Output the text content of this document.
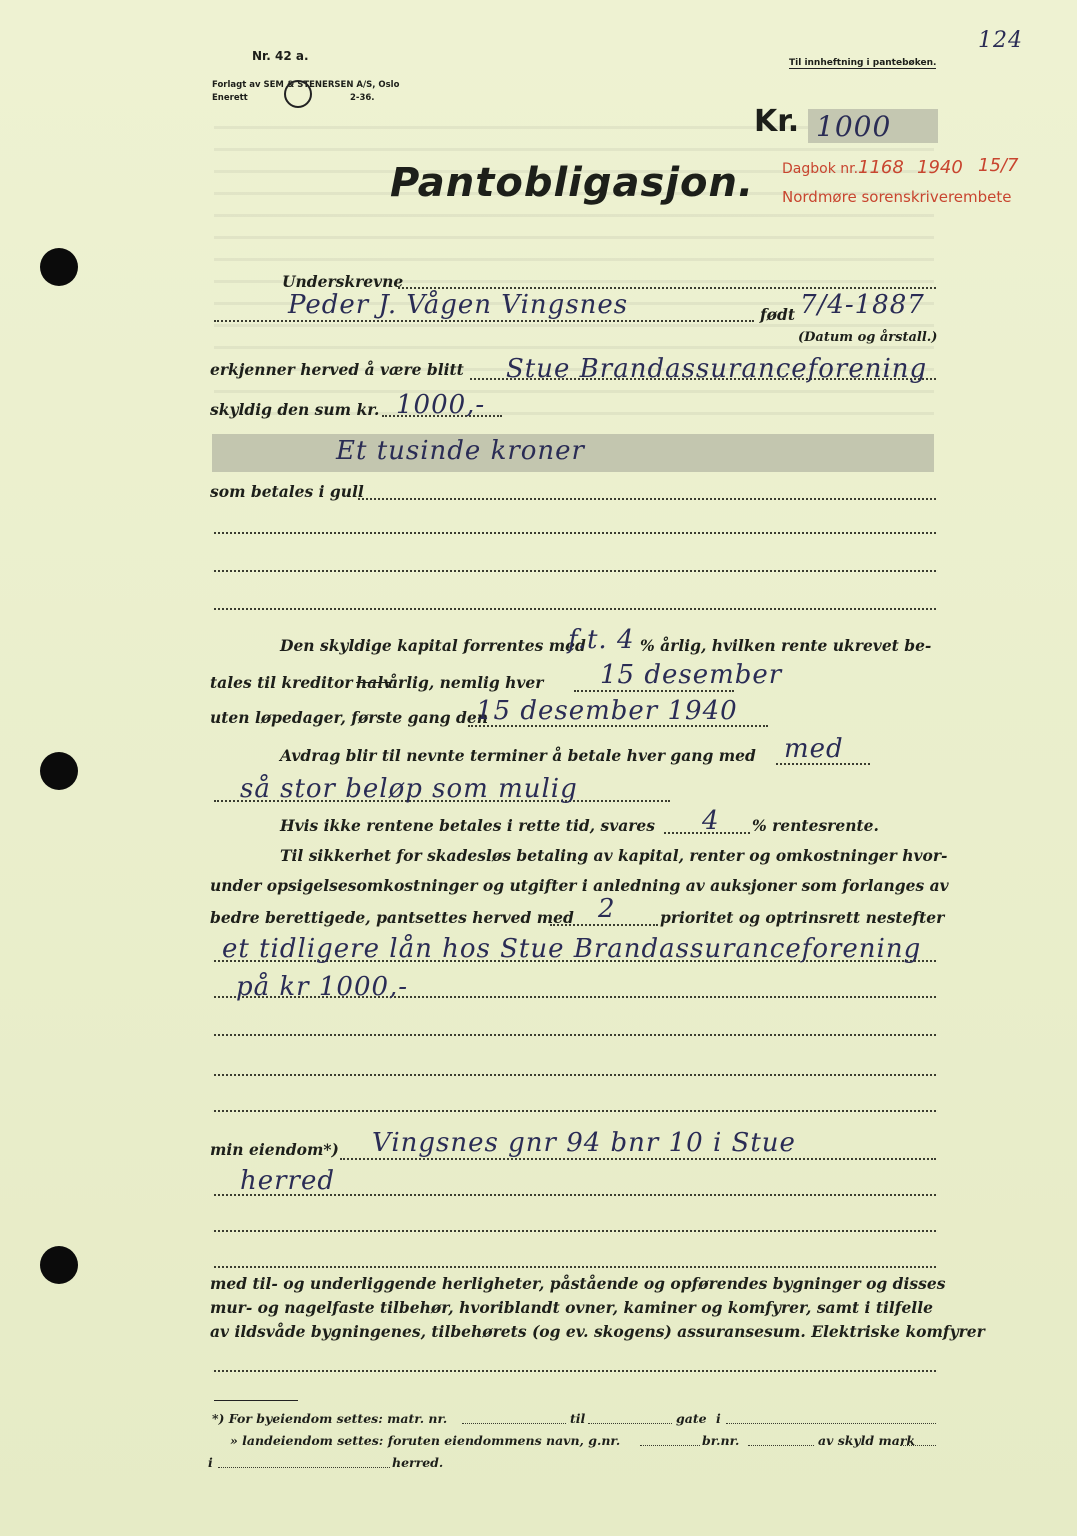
124
Nr. 42 a.
Forlagt av SEM & STENERSEN A/S, Oslo
Enerett	2-36.
Til innheftning i pantebøken.
Kr. 1000
Pantobligasjon. Dagbok nr. 1168 1940 15/7
Nordmøre sorenskriverembete
Underskrevne
Peder J. Vågen Vingsnes	født 7/4-1887
(Datum og årstall.)
erkjenner herved å være blitt Stue Brandassuranceforening
skyldig den sum kr. 1000,-
Et tusinde kroner
som betales i gull
Den skyldige kapital forrentes med
f.t. 4 % årlig, hvilken rente ukrevet be-
tales til kreditor halv
årlig, nemlig hver 15 desember
uten løpedager, første gang den
15 desember 1940
Avdrag blir til nevnte terminer å betale hver gang med med
så stor beløp som mulig
Hvis ikke rentene betales i rette tid, svares 4 % rentesrente.
Til sikkerhet for skadesløs betaling av kapital, renter og omkostninger hvor-
under opsigelsesomkostninger og utgifter i anledning av auksjoner som forlanges av
bedre berettigede, pantsettes herved med 2	prioritet og optrinsrett nestefter
et tidligere lån hos Stue Brandassuranceforening
på kr 1000,-
min eiendom*) Vingsnes gnr 94 bnr 10 i Stue
herred
med til- og underliggende herligheter, påstående og opførendes bygninger og disses
mur- og nagelfaste tilbehør, hvoriblandt ovner, kaminer og komfyrer, samt i tilfelle
av ildsvåde bygningenes, tilbehørets (og ev. skogens) assuransesum. Elektriske komfyrer
*) For byeiendom settes: matr. nr.	til	gate i
» landeiendom settes: foruten eiendommens navn, g.nr.	br.nr.	av skyld mark
i	herred.
